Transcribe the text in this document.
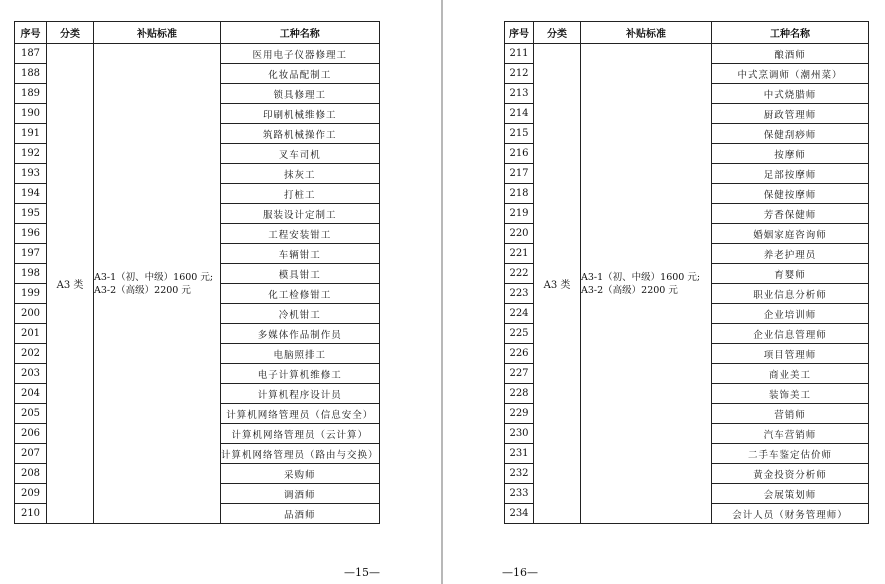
序号	分类	补贴标准	工种名称
187	A3 类	A3-1（初、中级）1600 元;
A3-2（高级）2200 元	医用电子仪器修理工
188			化妆品配制工
189			锁具修理工
190			印刷机械维修工
191			筑路机械操作工
192			叉车司机
193			抹灰工
194			打桩工
195			服装设计定制工
196			工程安装钳工
197			车辆钳工
198			模具钳工
199			化工检修钳工
200			冷机钳工
201			多媒体作品制作员
202			电脑照排工
203			电子计算机维修工
204			计算机程序设计员
205			计算机网络管理员（信息安全）
206			计算机网络管理员（云计算）
207			计算机网络管理员（路由与交换）
208			采购师
209			调酒师
210			品酒师
—15—
序号	分类	补贴标准	工种名称
211	A3 类	A3-1（初、中级）1600 元;
A3-2（高级）2200 元	酿酒师
212			中式烹调师（潮州菜）
213			中式烧腊师
214			厨政管理师
215			保健刮痧师
216			按摩师
217			足部按摩师
218			保健按摩师
219			芳香保健师
220			婚姻家庭咨询师
221			养老护理员
222			育婴师
223			职业信息分析师
224			企业培训师
225			企业信息管理师
226			项目管理师
227			商业美工
228			装饰美工
229			营销师
230			汽车营销师
231			二手车鉴定估价师
232			黄金投资分析师
233			会展策划师
234			会计人员（财务管理师）
—16—
